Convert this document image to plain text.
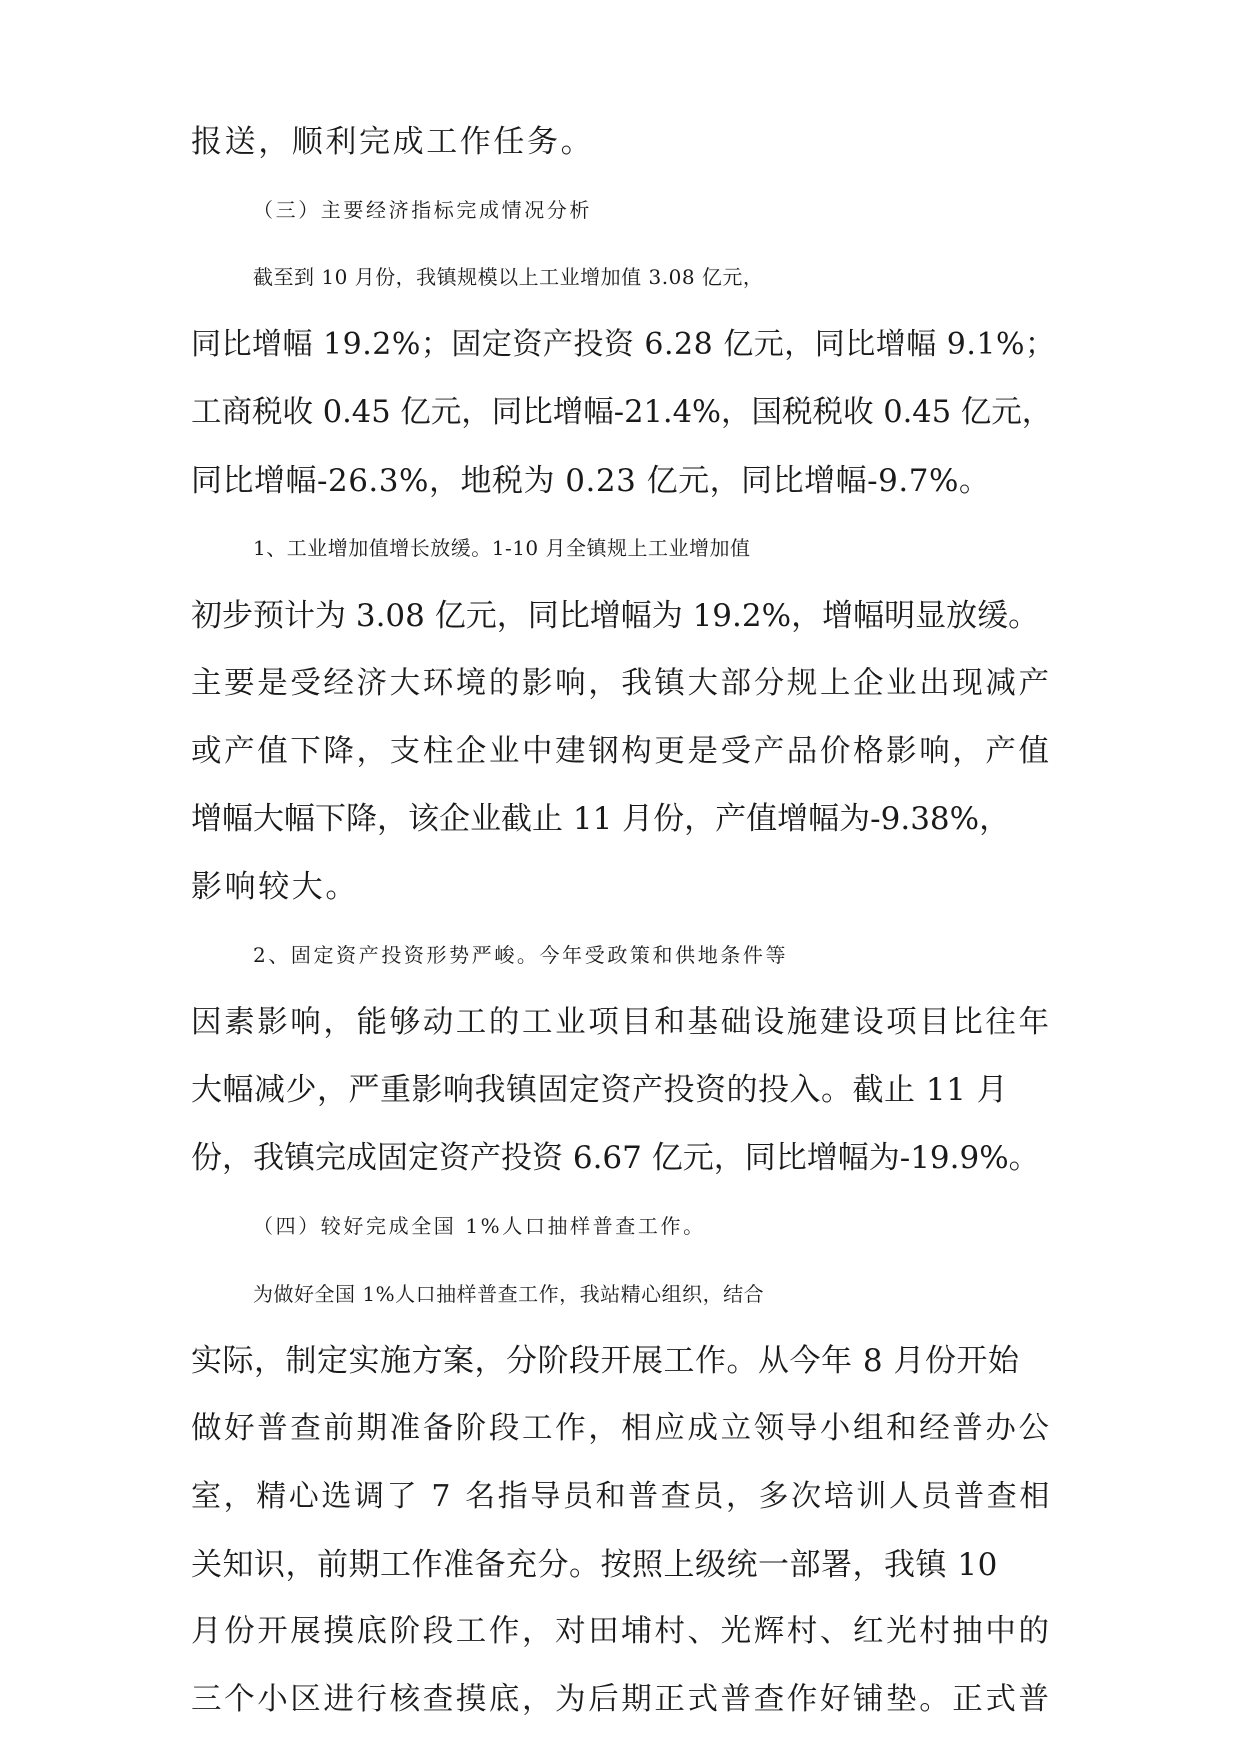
报送，顺利完成工作任务。
（三）主要经济指标完成情况分析
截至到 10 月份，我镇规模以上工业增加值 3.08 亿元，
同比增幅 19.2%；固定资产投资 6.28 亿元，同比增幅 9.1%；
工商税收 0.45 亿元，同比增幅-21.4%，国税税收 0.45 亿元，
同比增幅-26.3%，地税为 0.23 亿元，同比增幅-9.7%。
1、工业增加值增长放缓。1-10 月全镇规上工业增加值
初步预计为 3.08 亿元，同比增幅为 19.2%，增幅明显放缓。
主要是受经济大环境的影响，我镇大部分规上企业出现减产
或产值下降，支柱企业中建钢构更是受产品价格影响，产值
增幅大幅下降，该企业截止 11 月份，产值增幅为-9.38%，
影响较大。
2、固定资产投资形势严峻。今年受政策和供地条件等
因素影响，能够动工的工业项目和基础设施建设项目比往年
大幅减少，严重影响我镇固定资产投资的投入。截止 11 月
份，我镇完成固定资产投资 6.67 亿元，同比增幅为-19.9%。
（四）较好完成全国 1%人口抽样普查工作。
为做好全国 1%人口抽样普查工作，我站精心组织，结合
实际，制定实施方案，分阶段开展工作。从今年 8 月份开始
做好普查前期准备阶段工作，相应成立领导小组和经普办公
室，精心选调了 7 名指导员和普查员，多次培训人员普查相
关知识，前期工作准备充分。按照上级统一部署，我镇 10
月份开展摸底阶段工作，对田埔村、光辉村、红光村抽中的
三个小区进行核查摸底，为后期正式普查作好铺垫。正式普
